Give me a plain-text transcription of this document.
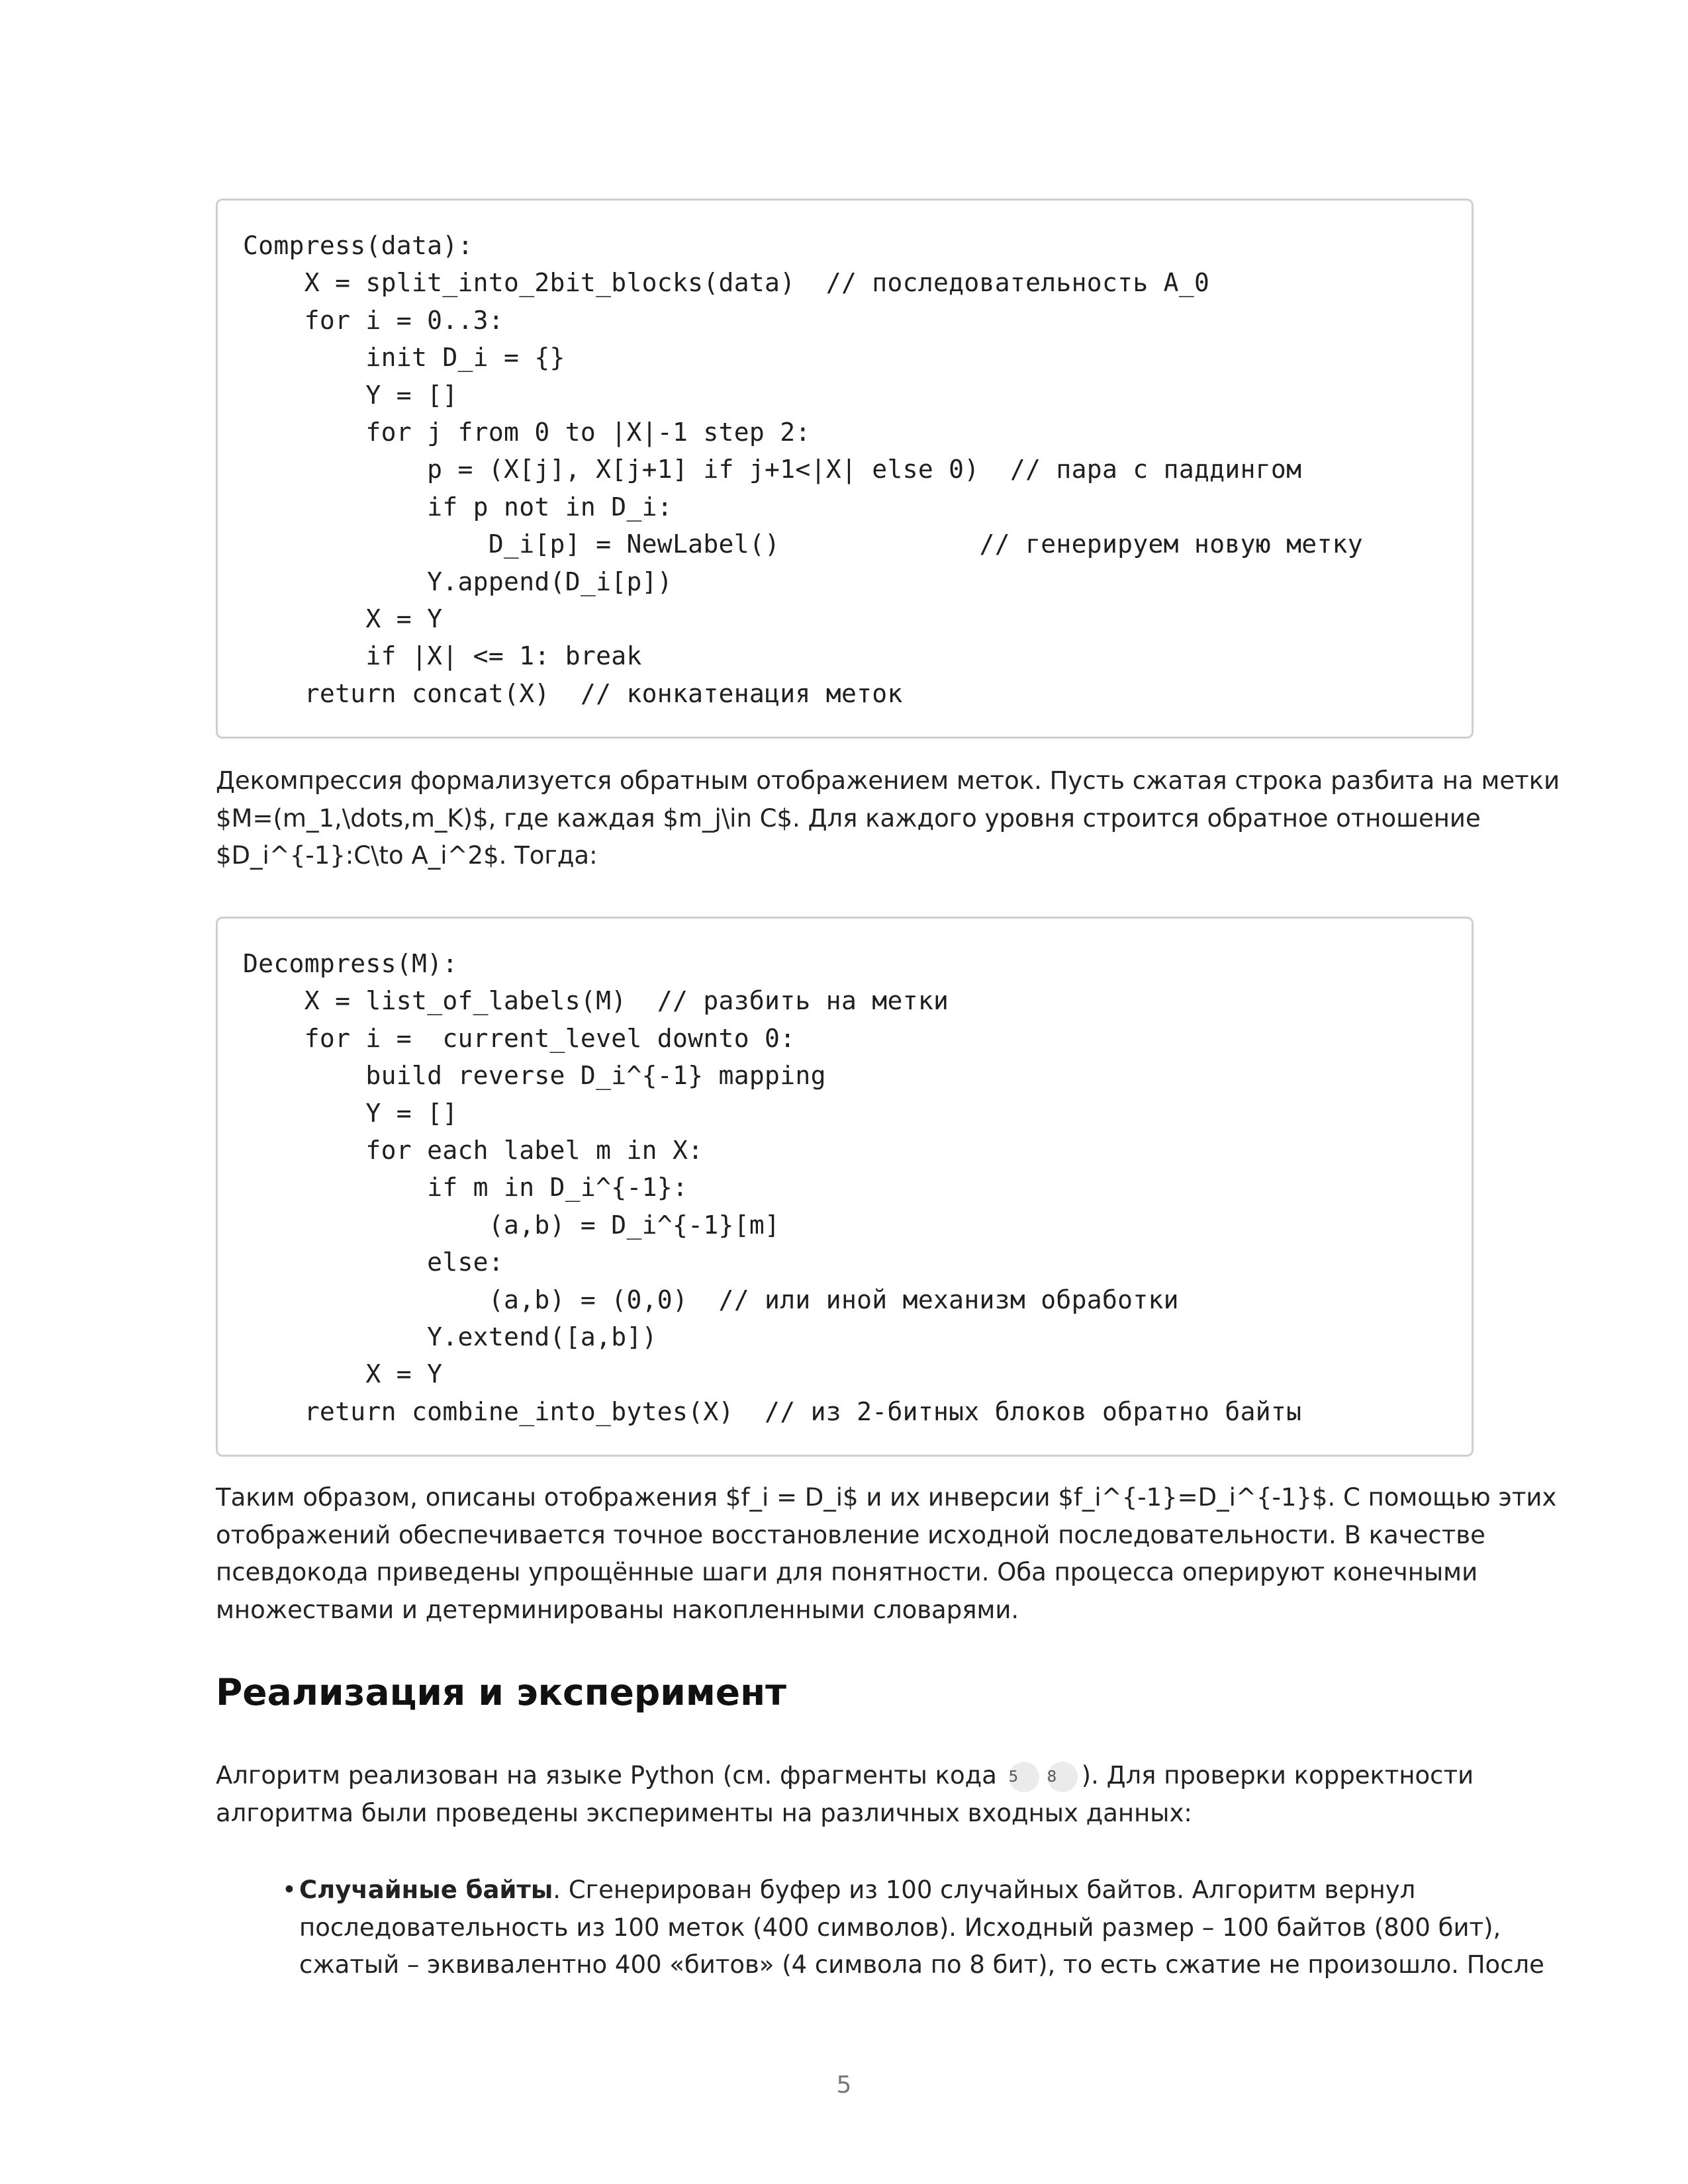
Compress(data):
X = split_into_2bit_blocks(data)  // последовательность A_0
for i = 0..3:
init D_i = {}
Y = []
for j from 0 to |X|-1 step 2:
p = (X[j], X[j+1] if j+1<|X| else 0)  // пара с паддингом
if p not in D_i:
D_i[p] = NewLabel()             // генерируем новую метку
Y.append(D_i[p])
X = Y
if |X| <= 1: break
return concat(X)  // конкатенация меток

Декомпрессия формализуется обратным отображением меток. Пусть сжатая строка разбита на метки
$M=(m_1,\dots,m_K)$, где каждая $m_j\in C$. Для каждого уровня строится обратное отношение
$D_i^{-1}:C\to A_i^2$. Тогда:

Decompress(M):
X = list_of_labels(M)  // разбить на метки
for i =  current_level downto 0:
build reverse D_i^{-1} mapping
Y = []
for each label m in X:
if m in D_i^{-1}:
(a,b) = D_i^{-1}[m]
else:
(a,b) = (0,0)  // или иной механизм обработки
Y.extend([a,b])
X = Y
return combine_into_bytes(X)  // из 2-битных блоков обратно байты

Таким образом, описаны отображения $f_i = D_i$ и их инверсии $f_i^{-1}=D_i^{-1}$. С помощью этих
отображений обеспечивается точное восстановление исходной последовательности. В качестве
псевдокода приведены упрощённые шаги для понятности. Оба процесса оперируют конечными
множествами и детерминированы накопленными словарями.

Реализация и эксперимент

Алгоритм реализован на языке Python (см. фрагменты кода 5 8 ). Для проверки корректности
алгоритма были проведены эксперименты на различных входных данных:

• Случайные байты. Сгенерирован буфер из 100 случайных байтов. Алгоритм вернул
последовательность из 100 меток (400 символов). Исходный размер – 100 байтов (800 бит),
сжатый – эквивалентно 400 «битов» (4 символа по 8 бит), то есть сжатие не произошло. После
5
